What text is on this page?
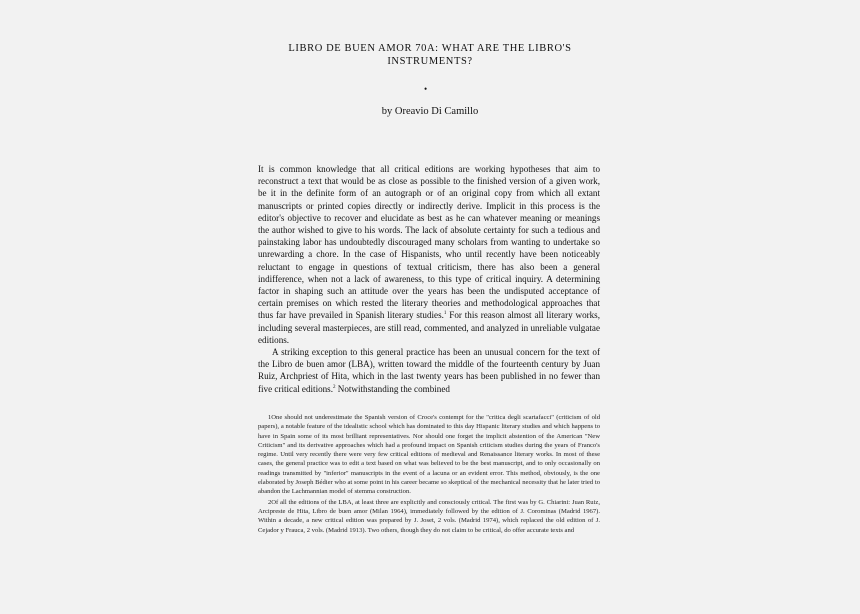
LIBRO DE BUEN AMOR 70A: WHAT ARE THE LIBRO'S
INSTRUMENTS?
•
by Oreavio Di Camillo

It is common knowledge that all critical editions are working hypotheses that aim to reconstruct a text that would be as close as possible to the finished version of a given work, be it in the definite form of an autograph or of an original copy from which all extant manuscripts or printed copies directly or indirectly derive. Implicit in this process is the editor's objective to recover and elucidate as best as he can whatever meaning or meanings the author wished to give to his words. The lack of absolute certainty for such a tedious and painstaking labor has undoubtedly discouraged many scholars from wanting to undertake so unrewarding a chore. In the case of Hispanists, who until recently have been noticeably reluctant to engage in questions of textual criticism, there has also been a general indifference, when not a lack of awareness, to this type of critical inquiry. A determining factor in shaping such an attitude over the years has been the undisputed acceptance of certain premises on which rested the literary theories and methodological approaches that thus far have prevailed in Spanish literary studies.$^1$ For this reason almost all literary works, including several masterpieces, are still read, commented, and analyzed in unreliable vulgatae editions.

A striking exception to this general practice has been an unusual concern for the text of the Libro de buen amor (LBA), written toward the middle of the fourteenth century by Juan Ruiz, Archpriest of Hita, which in the last twenty years has been published in no fewer than five critical editions.$^2$ Notwithstanding the combined

1One should not underestimate the Spanish version of Croce's contempt for the "critica degli scartafacci" (criticism of old papers), a notable feature of the idealistic school which has dominated to this day Hispanic literary studies and which happens to have in Spain some of its most brilliant representatives. Nor should one forget the implicit abstention of the American "New Criticism" and its derivative approaches which had a profound impact on Spanish criticism studies during the years of Franco's regime. Until very recently there were very few critical editions of medieval and Renaissance literary works. In most of these cases, the general practice was to edit a text based on what was believed to be the best manuscript, and to only occasionally on readings transmitted by "inferior" manuscripts in the event of a lacuna or an evident error. This method, obviously, is the one elaborated by Joseph Bédier who at some point in his career became so skeptical of the mechanical necessity that he later tried to abandon the Lachmannian model of stemma construction.

2Of all the editions of the LBA, at least three are explicitly and consciously critical. The first was by G. Chiarini: Juan Ruiz, Arcipreste de Hita, Libro de buen amor (Milan 1964), immediately followed by the edition of J. Corominas (Madrid 1967). Within a decade, a new critical edition was prepared by J. Joset, 2 vols. (Madrid 1974), which replaced the old edition of J. Cejador y Frauca, 2 vols. (Madrid 1913). Two others, though they do not claim to be critical, do offer accurate texts and
